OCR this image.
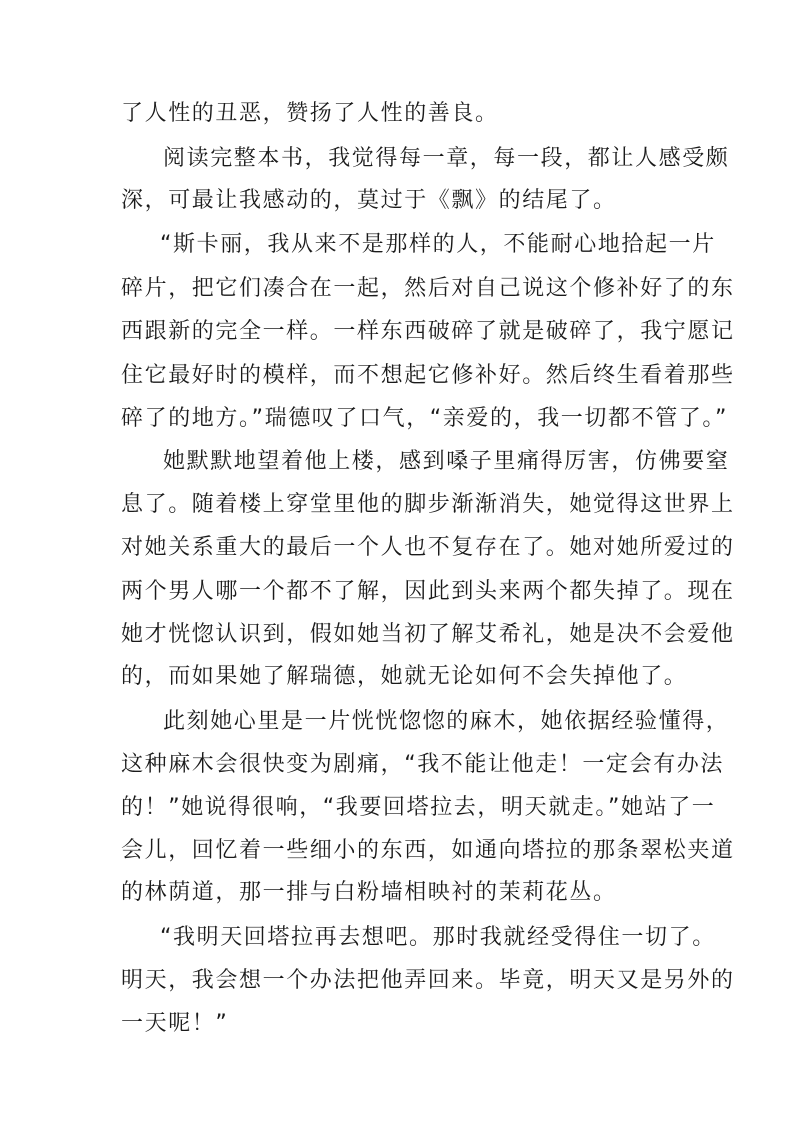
了人性的丑恶，赞扬了人性的善良。
阅读完整本书，我觉得每一章，每一段，都让人感受颇
深，可最让我感动的，莫过于《飘》的结尾了。
“斯卡丽，我从来不是那样的人，不能耐心地拾起一片
碎片，把它们凑合在一起，然后对自己说这个修补好了的东
西跟新的完全一样。一样东西破碎了就是破碎了，我宁愿记
住它最好时的模样，而不想起它修补好。然后终生看着那些
碎了的地方。”瑞德叹了口气，“亲爱的，我一切都不管了。”
她默默地望着他上楼，感到嗓子里痛得厉害，仿佛要窒
息了。随着楼上穿堂里他的脚步渐渐消失，她觉得这世界上
对她关系重大的最后一个人也不复存在了。她对她所爱过的
两个男人哪一个都不了解，因此到头来两个都失掉了。现在
她才恍惚认识到，假如她当初了解艾希礼，她是决不会爱他
的，而如果她了解瑞德，她就无论如何不会失掉他了。
此刻她心里是一片恍恍惚惚的麻木，她依据经验懂得，
这种麻木会很快变为剧痛，“我不能让他走！一定会有办法
的！”她说得很响，“我要回塔拉去，明天就走。”她站了一
会儿，回忆着一些细小的东西，如通向塔拉的那条翠松夹道
的林荫道，那一排与白粉墙相映衬的茉莉花丛。
“我明天回塔拉再去想吧。那时我就经受得住一切了。
明天，我会想一个办法把他弄回来。毕竟，明天又是另外的
一天呢！”
